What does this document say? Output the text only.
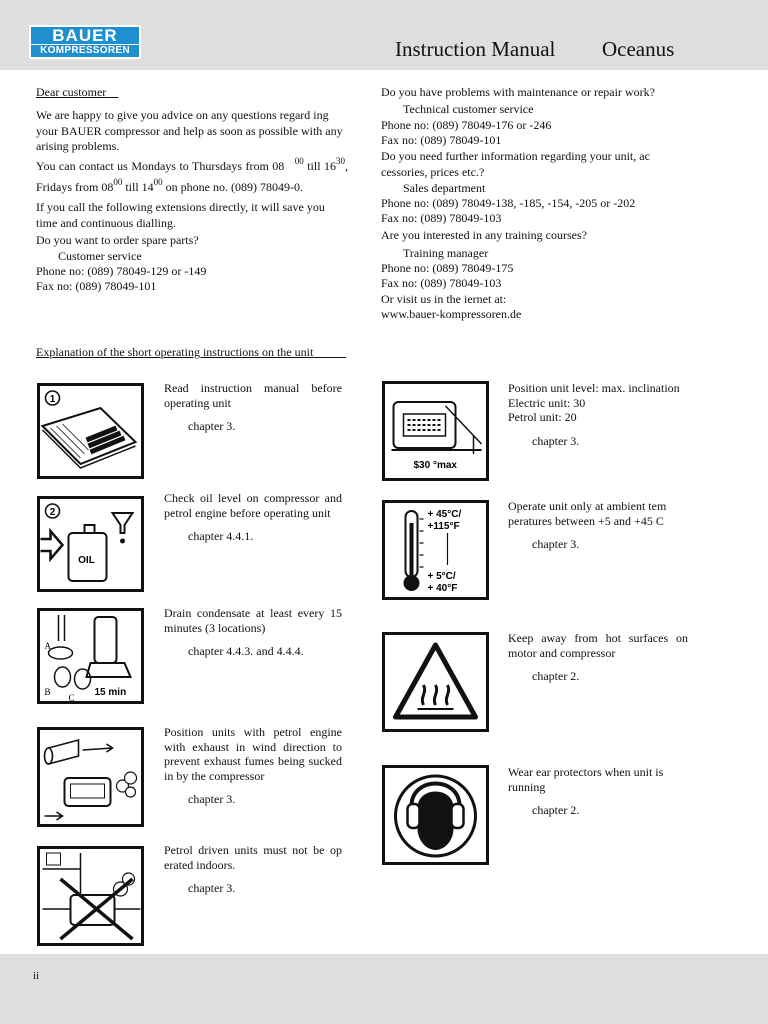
BAUER
KOMPRESSOREN	Instruction Manual Oceanus
Dear customer
We are happy to give you advice on any questions regard ing your BAUER compressor and help as soon as possible with any arising problems.
You can contact us Mondays to Thursdays from 08 $^{00}$ till $16^{30}$, Fridays from $08^{00}$ till $14^{00}$ on phone no. (089) 78049-0.
If you call the following extensions directly, it will save you time and continuous dialling.
Do you want to order spare parts?
Customer service
Phone no: (089) 78049-129 or -149
Fax no: (089) 78049-101
Do you have problems with maintenance or repair work?
Technical customer service
Phone no: (089) 78049-176 or -246
Fax no: (089) 78049-101
Do you need further information regarding your unit, ac cessories, prices etc.?
Sales department
Phone no: (089) 78049-138, -185, -154, -205 or -202
Fax no: (089) 78049-103
Are you interested in any training courses?
Training manager
Phone no: (089) 78049-175
Fax no: (089) 78049-103
Or visit us in the iernet at:
www.bauer-kompressoren.de
Explanation of the short operating instructions on the unit
1
Read instruction manual before operating unit
chapter 3.
2
OIL
Check oil level on compressor and petrol engine before operating unit
chapter 4.4.1.
A
B
C 15 min
Drain condensate at least every 15 minutes (3 locations)
chapter 4.4.3. and 4.4.4.
Position units with petrol engine with exhaust in wind direction to prevent exhaust fumes being sucked in by the compressor
chapter 3.
Petrol driven units must not be op erated indoors.
chapter 3.
$30 °max
Position unit level: max. inclination
Electric unit: 30
Petrol unit: 20
chapter 3.
+ 45°C/
+115°F
+ 5°C/
+ 40°F
Operate unit only at ambient tem peratures between +5 and +45 C
chapter 3.
Keep away from hot surfaces on motor and compressor
chapter 2.
Wear ear protectors when unit is running
chapter 2.
ii
